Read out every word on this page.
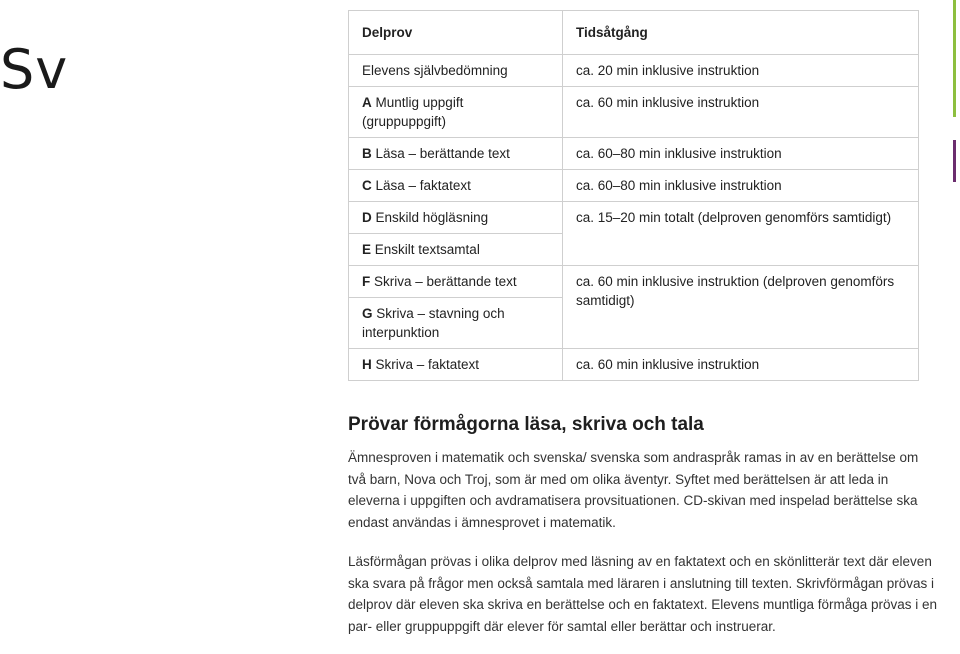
Sv
Delprov	Tidsåtgång
Elevens självbedömning	ca. 20 min inklusive instruktion
A Muntlig uppgift (gruppuppgift)	ca. 60 min inklusive instruktion
B Läsa – berättande text	ca. 60–80 min inklusive instruktion
C Läsa – faktatext	ca. 60–80 min inklusive instruktion
D Enskild högläsning	ca. 15–20 min totalt (delproven genomförs samtidigt)
E Enskilt textsamtal	
F Skriva – berättande text	ca. 60 min inklusive instruktion (delproven genomförs samtidigt)
G Skriva – stavning och interpunktion	
H Skriva – faktatext	ca. 60 min inklusive instruktion
Prövar förmågorna läsa, skriva och tala

Ämnesproven i matematik och svenska/ svenska som andraspråk ramas in av en berättelse om två barn, Nova och Troj, som är med om olika äventyr. Syftet med berättelsen är att leda in eleverna i uppgiften och avdramatisera provsituationen. CD-skivan med inspelad berättelse ska endast användas i ämnesprovet i matematik.

Läsförmågan prövas i olika delprov med läsning av en faktatext och en skönlitterär text där eleven ska svara på frågor men också samtala med läraren i anslutning till texten. Skrivförmågan prövas i delprov där eleven ska skriva en berättelse och en faktatext. Elevens muntliga förmåga prövas i en par- eller gruppuppgift där elever för samtal eller berättar och instruerar.
